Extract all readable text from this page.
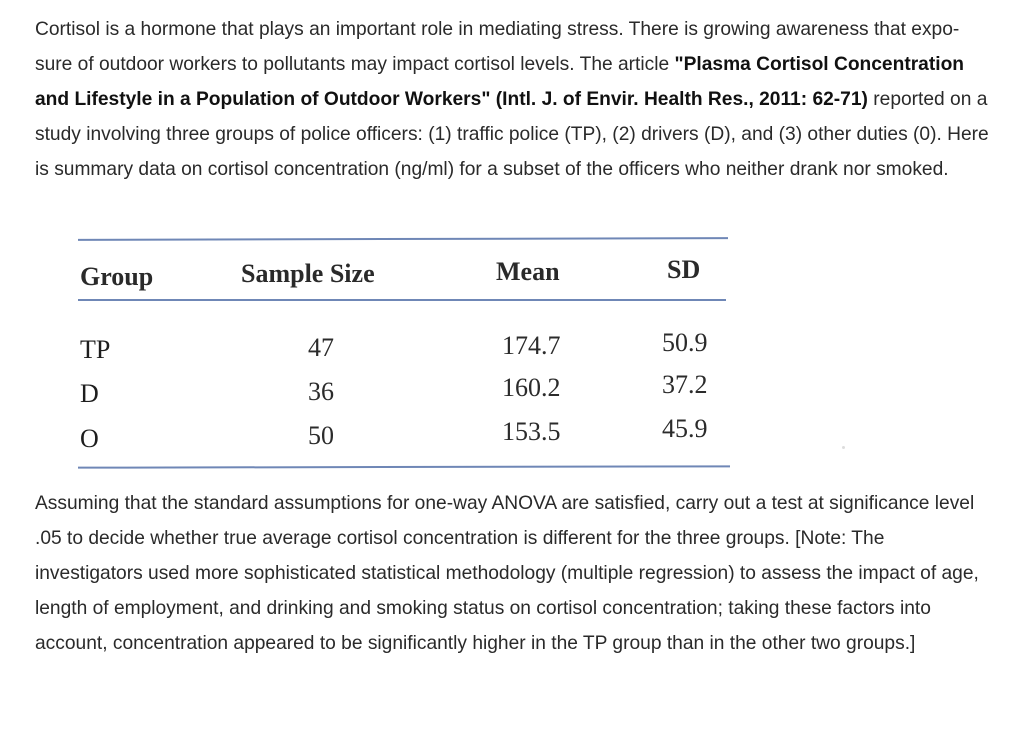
Cortisol is a hormone that plays an important role in mediating stress. There is growing awareness that expo-sure of outdoor workers to pollutants may impact cortisol levels. The article "Plasma Cortisol Concentration and Lifestyle in a Population of Outdoor Workers" (Intl. J. of Envir. Health Res., 2011: 62-71) reported on a study involving three groups of police officers: (1) traffic police (TP), (2) drivers (D), and (3) other duties (0). Here is summary data on cortisol concentration (ng/ml) for a subset of the officers who neither drank nor smoked.

Group	Sample Size	Mean	SD
TP	47	174.7	50.9
D	36	160.2	37.2
O	50	153.5	45.9

Assuming that the standard assumptions for one-way ANOVA are satisfied, carry out a test at significance level .05 to decide whether true average cortisol concentration is different for the three groups. [Note: The investigators used more sophisticated statistical methodology (multiple regression) to assess the impact of age, length of employment, and drinking and smoking status on cortisol concentration; taking these factors into account, concentration appeared to be significantly higher in the TP group than in the other two groups.]
